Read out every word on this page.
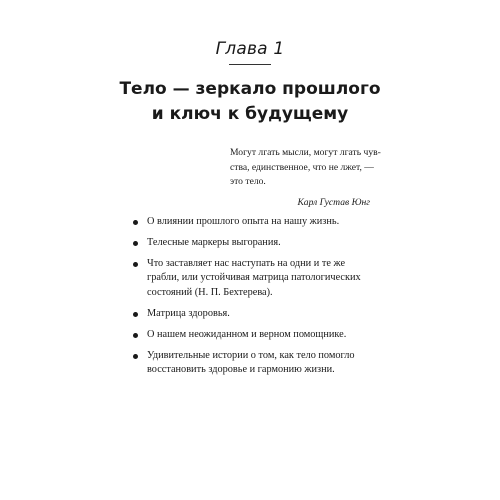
Глава 1
Тело — зеркало прошлого
и ключ к будущему
Могут лгать мысли, могут лгать чув-
ства, единственное, что не лжет, —
это тело.
Карл Густав Юнг
О влиянии прошлого опыта на нашу жизнь.
Телесные маркеры выгорания.
Что заставляет нас наступать на одни и те же
грабли, или устойчивая матрица патологических
состояний (Н. П. Бехтерева).
Матрица здоровья.
О нашем неожиданном и верном помощнике.
Удивительные истории о том, как тело помогло
восстановить здоровье и гармонию жизни.
